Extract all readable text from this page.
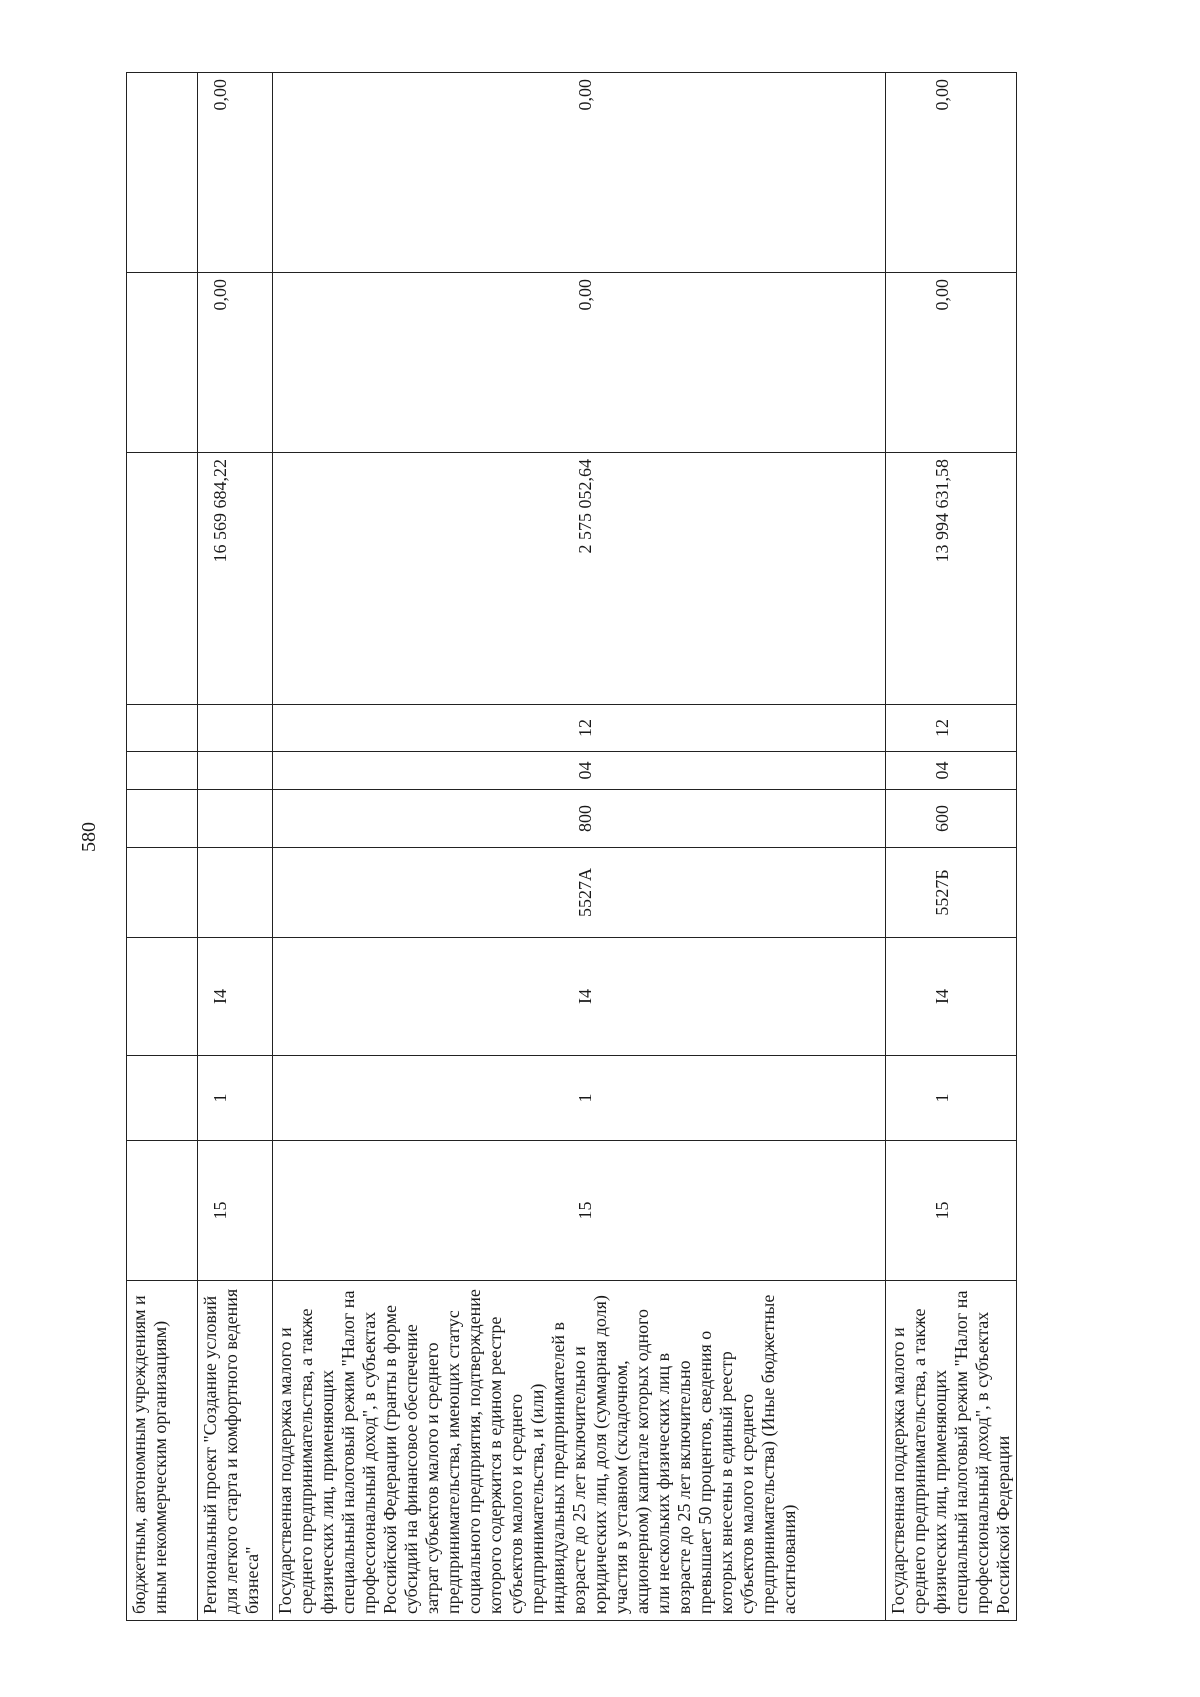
580
бюджетным, автономным учреждениям и иным некоммерческим организациям)										

Региональный проект "Создание условий для легкого старта и комфортного ведения бизнеса"	15	1	I4					16 569 684,22	0,00	0,00

Государственная поддержка малого и среднего предпринимательства, а также физических лиц, применяющих специальный налоговый режим "Налог на профессиональный доход", в субъектах Российской Федерации (гранты в форме субсидий на финансовое обеспечение затрат субъектов малого и среднего предпринимательства, имеющих статус социального предприятия, подтверждение которого содержится в едином реестре субъектов малого и среднего предпринимательства, и (или) индивидуальных предпринимателей в возрасте до 25 лет включительно и юридических лиц, доля (суммарная доля) участия в уставном (складочном, акционерном) капитале которых одного или нескольких физических лиц в возрасте до 25 лет включительно превышает 50 процентов, сведения о которых внесены в единый реестр субъектов малого и среднего предпринимательства) (Иные бюджетные ассигнования)	15	1	I4	5527А	800	04	12	2 575 052,64	0,00	0,00

Государственная поддержка малого и среднего предпринимательства, а также физических лиц, применяющих специальный налоговый режим "Налог на профессиональный доход", в субъектах Российской Федерации	15	1	I4	5527Б	600	04	12	13 994 631,58	0,00	0,00
